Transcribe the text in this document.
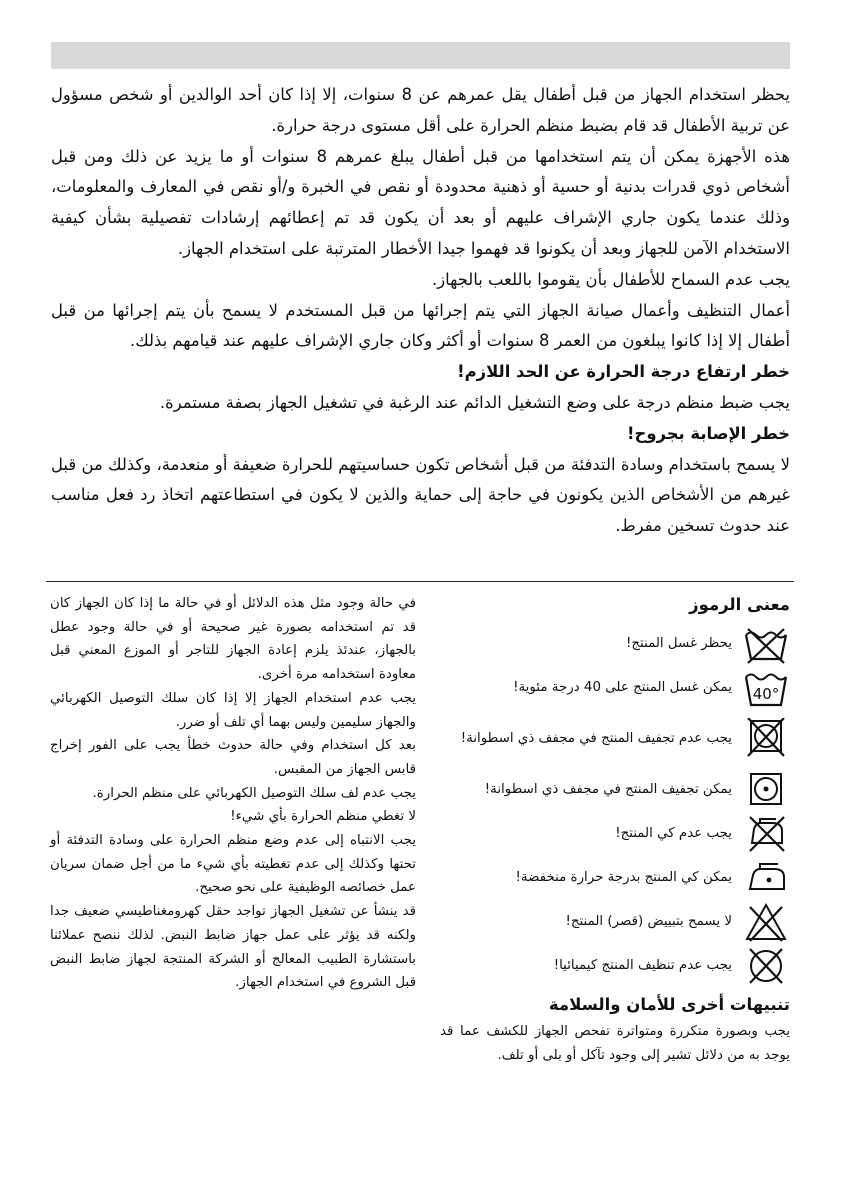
يحظر استخدام الجهاز من قبل أطفال يقل عمرهم عن 8 سنوات، إلا إذا كان أحد الوالدين أو شخص مسؤول عن تربية الأطفال قد قام بضبط منظم الحرارة على أقل مستوى درجة حرارة.

هذه الأجهزة يمكن أن يتم استخدامها من قبل أطفال يبلغ عمرهم 8 سنوات أو ما يزيد عن ذلك ومن قبل أشخاص ذوي قدرات بدنية أو حسية أو ذهنية محدودة أو نقص في الخبرة و/أو نقص في المعارف والمعلومات، وذلك عندما يكون جاري الإشراف عليهم أو بعد أن يكون قد تم إعطائهم إرشادات تفصيلية بشأن كيفية الاستخدام الآمن للجهاز وبعد أن يكونوا قد فهموا جيدا الأخطار المترتبة على استخدام الجهاز.

يجب عدم السماح للأطفال بأن يقوموا باللعب بالجهاز.

أعمال التنظيف وأعمال صيانة الجهاز التي يتم إجرائها من قبل المستخدم لا يسمح بأن يتم إجرائها من قبل أطفال إلا إذا كانوا يبلغون من العمر 8 سنوات أو أكثر وكان جاري الإشراف عليهم عند قيامهم بذلك.

خطر ارتفاع درجة الحرارة عن الحد اللازم!

يجب ضبط منظم درجة على وضع التشغيل الدائم عند الرغبة في تشغيل الجهاز بصفة مستمرة.

خطر الإصابة بجروح!

لا يسمح باستخدام وسادة التدفئة من قبل أشخاص تكون حساسيتهم للحرارة ضعيفة أو منعدمة، وكذلك من قبل غيرهم من الأشخاص الذين يكونون في حاجة إلى حماية والذين لا يكون في استطاعتهم اتخاذ رد فعل مناسب عند حدوث تسخين مفرط.

معنى الرموز

يحظر غسل المنتج!
40°
يمكن غسل المنتج على 40 درجة مئوية!
يجب عدم تجفيف المنتج في مجفف ذي اسطوانة!
يمكن تجفيف المنتج في مجفف ذي اسطوانة!
يجب عدم كي المنتج!
يمكن كي المنتج بدرجة حرارة منخفضة!
لا يسمح بتبييض (قصر) المنتج!
يجب عدم تنظيف المنتج كيميائيا!

تنبيهات أخرى للأمان والسلامة

يجب وبصورة متكررة ومتواترة تفحص الجهاز للكشف عما قد يوجد به من دلائل تشير إلى وجود تآكل أو بلى أو تلف.

في حالة وجود مثل هذه الدلائل أو في حالة ما إذا كان الجهاز كان قد تم استخدامه بصورة غير صحيحة أو في حالة وجود عطل بالجهاز، عندئذ يلزم إعادة الجهاز للتاجر أو الموزع المعني قبل معاودة استخدامه مرة أخرى.

يجب عدم استخدام الجهاز إلا إذا كان سلك التوصيل الكهربائي والجهاز سليمين وليس بهما أي تلف أو ضرر.

بعد كل استخدام وفي حالة حدوث خطأ يجب على الفور إخراج قابس الجهاز من المقبس.

يجب عدم لف سلك التوصيل الكهربائي على منظم الحرارة.

لا تغطي منظم الحرارة بأي شيء!

يجب الانتباه إلى عدم وضع منظم الحرارة على وسادة التدفئة أو تحتها وكذلك إلى عدم تغطيته بأي شيء ما من أجل ضمان سريان عمل خصائصه الوظيفية على نحو صحيح.

قد ينشأ عن تشغيل الجهاز تواجد حقل كهرومغناطيسي ضعيف جدا ولكنه قد يؤثر على عمل جهاز ضابط النبض. لذلك ننصح عملائنا باستشارة الطبيب المعالج أو الشركة المنتجة لجهاز ضابط النبض قبل الشروع في استخدام الجهاز.
